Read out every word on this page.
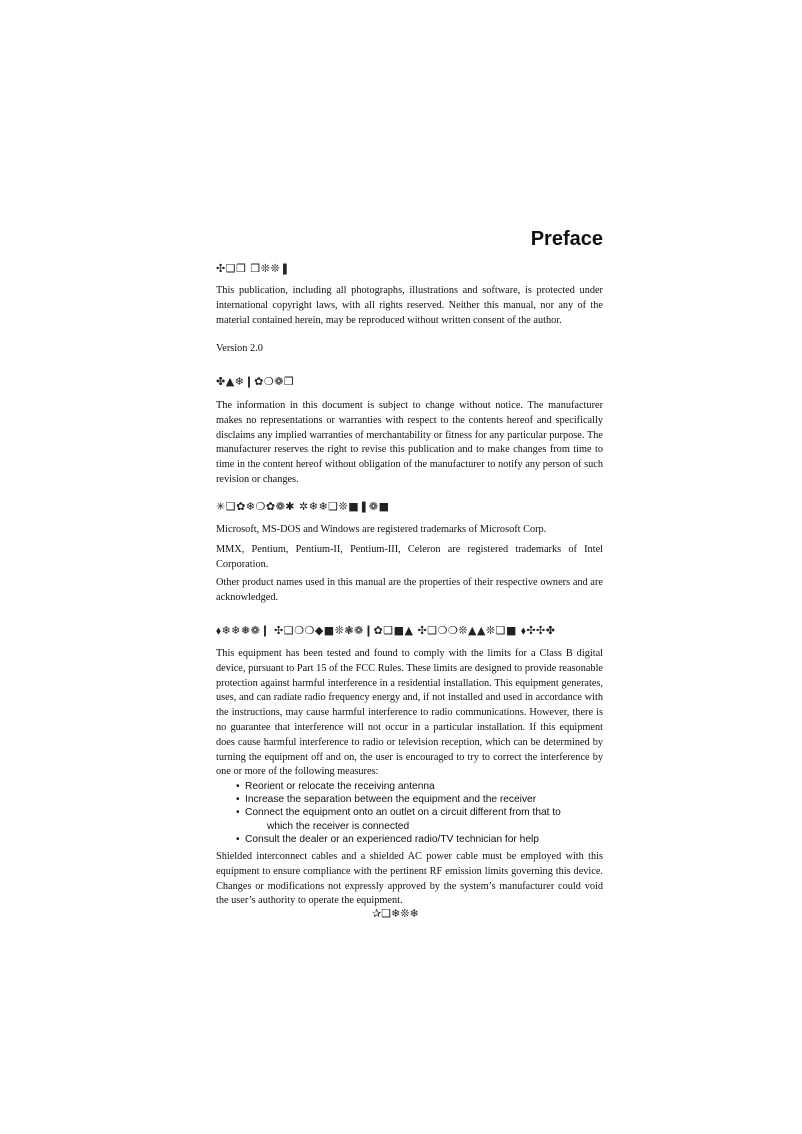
Preface
✣❑❒ ❒❊❊❚

This publication, including all photographs, illustrations and software, is protected under international copyright laws, with all rights reserved. Neither this manual, nor any of the material contained herein, may be reproduced without written consent of the author.

Version 2.0

✤▲❄❙✿❍❁❒

The information in this document is subject to change without notice. The manufacturer makes no representations or warranties with respect to the contents hereof and specifically disclaims any implied warranties of merchantability or fitness for any particular purpose. The manufacturer reserves the right to revise this publication and to make changes from time to time in the content hereof without obligation of the manufacturer to notify any person of such revision or changes.

✳❑✿❄❍✿❁✱ ✲❄❄❑❊■❚❁■

Microsoft, MS-DOS and Windows are registered trademarks of Microsoft Corp.

MMX, Pentium, Pentium-II, Pentium-III, Celeron are registered trademarks of Intel Corporation.

Other product names used in this manual are the properties of their respective owners and are acknowledged.

⬧❄❄❅❁❙ ✣❑❍❍◆■❊❃❁❙✿❑■▲ ✣❑❍❍❊▲▲❊❑■ ⬧✣✣✤

This equipment has been tested and found to comply with the limits for a Class B digital device, pursuant to Part 15 of the FCC Rules. These limits are designed to provide reasonable protection against harmful interference in a residential installation. This equipment generates, uses, and can radiate radio frequency energy and, if not installed and used in accordance with the instructions, may cause harmful interference to radio communications. However, there is no guarantee that interference will not occur in a particular installation. If this equipment does cause harmful interference to radio or television reception, which can be determined by turning the equipment off and on, the user is encouraged to try to correct the interference by one or more of the following measures:

• Reorient or relocate the receiving antenna
• Increase the separation between the equipment and the receiver
• Connect the equipment onto an outlet on a circuit different from that to
which the receiver is connected
• Consult the dealer or an experienced radio/TV technician for help

Shielded interconnect cables and a shielded AC power cable must be employed with this equipment to ensure compliance with the pertinent RF emission limits governing this device. Changes or modifications not expressly approved by the system’s manufacturer could void the user’s authority to operate the equipment.

✰❑❄❊❄
